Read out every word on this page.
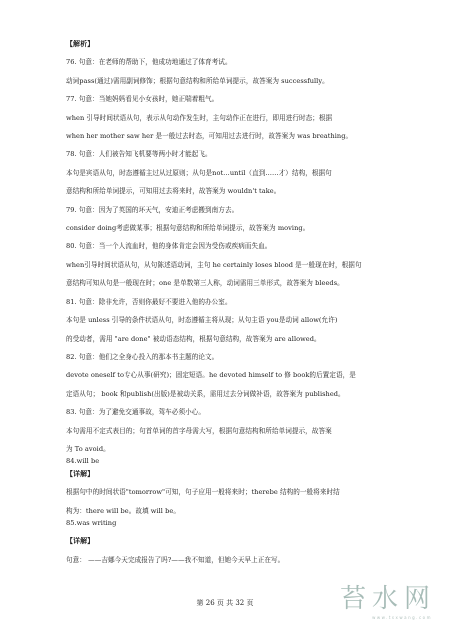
【解析】

76. 句意：在老师的帮助下，他成功地通过了体育考试。

动词pass(通过)需用副词修饰；根据句意结构和所给单词提示，故答案为 successfully。

77. 句意：当她妈妈看见小女孩时，她正喘着粗气。

when 引导时间状语从句，表示从句动作发生时，主句动作正在进行，即用进行时态；根据

when her mother saw her 是一般过去时态，可知用过去进行时，故答案为 was breathing。

78. 句意：人们被告知飞机要等两小时才能起飞。

本句是宾语从句，时态遵循主过从过原则；从句是not…until（直到……才）结构，根据句

意结构和所给单词提示，可知用过去将来时，故答案为 wouldn't take。

79. 句意：因为了英国的坏天气，安迪正考虑搬到南方去。

consider doing考虑做某事；根据句意结构和所给单词提示，故答案为 moving。

80. 句意：当一个人流血时，他的身体肯定会因为受伤或疾病而失血。

when引导时间状语从句，从句陈述语动词，主句 he certainly loses blood 是一般现在时，根据句

意结构可知从句是一般现在时；one 是单数第三人称，动词需用三单形式，故答案为 bleeds。

81. 句意：除非允许，否则你最好不要进入他的办公室。

本句是 unless 引导的条件状语从句，时态遵循主将从现；从句主语 you是动词 allow(允许)

的受动者，需用 "are done" 被动语态结构，根据句意结构，故答案为 are allowed。

82. 句意：他们之全身心投入的那本书主题的论文。

devote oneself to专心从事(研究)；固定短语。he devoted himself to 修 book的后置定语，是

定语从句； book 和publish(出版)是被动关系，需用过去分词做补语，故答案为 published。

83. 句意：为了避免交通事故，驾车必须小心。

本句需用不定式表目的；句首单词的首字母需大写，根据句意结构和所给单词提示，故答案

为 To avoid。

84.will be

【详解】

根据句中的时间状语"tomorrow"可知，句子应用一般将来时；therebe 结构的一般将来时结

构为：there will be。故填 will be。

85.was writing

【详解】

句意： ——吉娜今天完成报告了吗?——我不知道，但她今天早上正在写。

第 26 页 共 32 页	苔水网
www.tsxwang.com
